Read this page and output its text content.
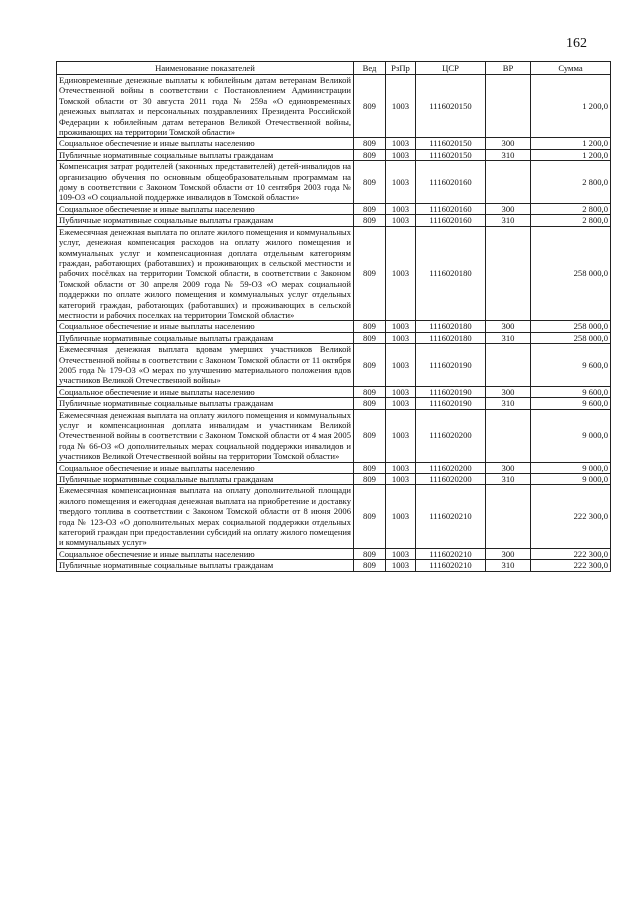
162
Наименование показателей	Вед	РзПр	ЦСР	ВР	Сумма
Единовременные денежные выплаты к юбилейным датам ветеранам Великой Отечественной войны в соответствии с Постановлением Администрации Томской области от 30 августа 2011 года № 259а «О единовременных денежных выплатах и персональных поздравлениях Президента Российской Федерации к юбилейным датам ветеранов Великой Отечественной войны, проживающих на территории Томской области»	809	1003	1116020150		1 200,0
Социальное обеспечение и иные выплаты населению	809	1003	1116020150	300	1 200,0
Публичные нормативные социальные выплаты гражданам	809	1003	1116020150	310	1 200,0
Компенсация затрат родителей (законных представителей) детей-инвалидов на организацию обучения по основным общеобразовательным программам на дому в соответствии с Законом Томской области от 10 сентября 2003 года № 109-ОЗ «О социальной поддержке инвалидов в Томской области»	809	1003	1116020160		2 800,0
Социальное обеспечение и иные выплаты населению	809	1003	1116020160	300	2 800,0
Публичные нормативные социальные выплаты гражданам	809	1003	1116020160	310	2 800,0
Ежемесячная денежная выплата по оплате жилого помещения и коммунальных услуг, денежная компенсация расходов на оплату жилого помещения и коммунальных услуг и компенсационная доплата отдельным категориям граждан, работающих (работавших) и проживающих в сельской местности и рабочих посёлках на территории Томской области, в соответствии с Законом Томской области от 30 апреля 2009 года № 59-ОЗ «О мерах социальной поддержки по оплате жилого помещения и коммунальных услуг отдельных категорий граждан, работающих (работавших) и проживающих в сельской местности и рабочих поселках на территории Томской области»	809	1003	1116020180		258 000,0
Социальное обеспечение и иные выплаты населению	809	1003	1116020180	300	258 000,0
Публичные нормативные социальные выплаты гражданам	809	1003	1116020180	310	258 000,0
Ежемесячная денежная выплата вдовам умерших участников Великой Отечественной войны в соответствии с Законом Томской области от 11 октября 2005 года № 179-ОЗ «О мерах по улучшению материального положения вдов участников Великой Отечественной войны»	809	1003	1116020190		9 600,0
Социальное обеспечение и иные выплаты населению	809	1003	1116020190	300	9 600,0
Публичные нормативные социальные выплаты гражданам	809	1003	1116020190	310	9 600,0
Ежемесячная денежная выплата на оплату жилого помещения и коммунальных услуг и компенсационная доплата инвалидам и участникам Великой Отечественной войны в соответствии с Законом Томской области от 4 мая 2005 года № 66-ОЗ «О дополнительных мерах социальной поддержки инвалидов и участников Великой Отечественной войны на территории Томской области»	809	1003	1116020200		9 000,0
Социальное обеспечение и иные выплаты населению	809	1003	1116020200	300	9 000,0
Публичные нормативные социальные выплаты гражданам	809	1003	1116020200	310	9 000,0
Ежемесячная компенсационная выплата на оплату дополнительной площади жилого помещения и ежегодная денежная выплата на приобретение и доставку твердого топлива в соответствии с Законом Томской области от 8 июня 2006 года № 123-ОЗ «О дополнительных мерах социальной поддержки отдельных категорий граждан при предоставлении субсидий на оплату жилого помещения и коммунальных услуг»	809	1003	1116020210		222 300,0
Социальное обеспечение и иные выплаты населению	809	1003	1116020210	300	222 300,0
Публичные нормативные социальные выплаты гражданам	809	1003	1116020210	310	222 300,0
